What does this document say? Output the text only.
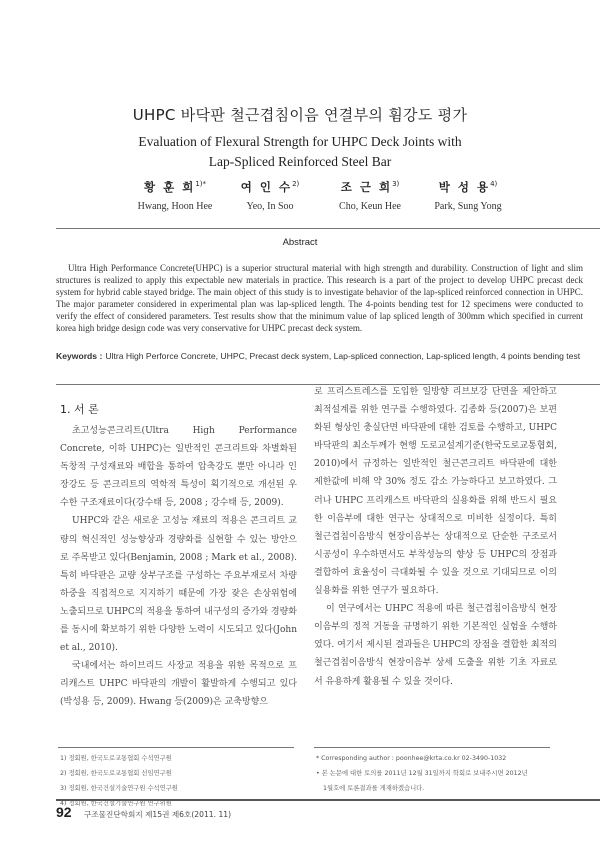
UHPC 바닥판 철근겹침이음 연결부의 휨강도 평가
Evaluation of Flexural Strength for UHPC Deck Joints with
Lap-Spliced Reinforced Steel Bar
황 훈 희$^{1)*}$
Hwang, Hoon Hee
여 인 수$^{2)}$
Yeo, In Soo
조 근 희$^{3)}$
Cho, Keun Hee
박 성 용$^{4)}$
Park, Sung Yong
Abstract
Ultra High Performance Concrete(UHPC) is a superior structural material with high strength and durability. Construction of light and slim structures is realized to apply this expectable new materials in practice. This research is a part of the project to develop UHPC precast deck system for hybrid cable stayed bridge. The main object of this study is to investigate behavior of the lap-spliced reinforced connection in UHPC. The major parameter considered in experimental plan was lap-spliced length. The 4-points bending test for 12 specimens were conducted to verify the effect of considered parameters. Test results show that the minimum value of lap spliced length of 300mm which specified in current korea high bridge design code was very conservative for UHPC precast deck system.
Keywords : Ultra High Perforce Concrete, UHPC, Precast deck system, Lap-spliced connection, Lap-spliced length, 4 points bending test
1. 서 론

초고성능콘크리트(Ultra High Performance Concrete, 이하 UHPC)는 일반적인 콘크리트와 차별화된 독창적 구성재료와 배합을 통하여 압축강도 뿐만 아니라 인장강도 등 콘크리트의 역학적 특성이 획기적으로 개선된 우수한 구조재료이다(강수태 등, 2008 ; 강수태 등, 2009).

UHPC와 같은 새로운 고성능 재료의 적용은 콘크리트 교량의 혁신적인 성능향상과 경량화를 실현할 수 있는 방안으로 주목받고 있다(Benjamin, 2008 ; Mark et al., 2008). 특히 바닥판은 교량 상부구조를 구성하는 주요부재로서 차량 하중을 직접적으로 지지하기 때문에 가장 잦은 손상위험에 노출되므로 UHPC의 적용을 통하여 내구성의 증가와 경량화를 동시에 확보하기 위한 다양한 노력이 시도되고 있다(John et al., 2010).

국내에서는 하이브리드 사장교 적용을 위한 목적으로 프리캐스트 UHPC 바닥판의 개발이 활발하게 수행되고 있다(박성용 등, 2009). Hwang 등(2009)은 교축방향으

로 프리스트레스를 도입한 일방향 리브보강 단면을 제안하고 최적설계를 위한 연구를 수행하였다. 김종화 등(2007)은 보편화된 형상인 충실단면 바닥판에 대한 검토를 수행하고, UHPC 바닥판의 최소두께가 현행 도로교설계기준(한국도로교통협회, 2010)에서 규정하는 일반적인 철근콘크리트 바닥판에 대한 제한값에 비해 약 30% 정도 감소 가능하다고 보고하였다. 그러나 UHPC 프리캐스트 바닥판의 실용화를 위해 반드시 필요한 이음부에 대한 연구는 상대적으로 미비한 실정이다. 특히 철근겹침이음방식 현장이음부는 상대적으로 단순한 구조로서 시공성이 우수하면서도 부착성능의 향상 등 UHPC의 장점과 결합하여 효율성이 극대화될 수 있을 것으로 기대되므로 이의 실용화를 위한 연구가 필요하다.

이 연구에서는 UHPC 적용에 따른 철근겹침이음방식 현장이음부의 정적 거동을 규명하기 위한 기본적인 실험을 수행하였다. 여기서 제시된 결과들은 UHPC의 장점을 결합한 최적의 철근겹침이음방식 현장이음부 상세 도출을 위한 기초 자료로서 유용하게 활용될 수 있을 것이다.

1) 정회원, 한국도로교통협회 수석연구원
2) 정회원, 한국도로교통협회 선임연구원
3) 정회원, 한국건설기술연구원 수석연구원
4) 정회원, 한국건설기술연구원 연구위원
* Corresponding author : poonhee@krta.co.kr 02-3490-1032
• 본 논문에 대한 토의를 2011년 12월 31일까지 학회로 보내주시면 2012년
1월호에 토론결과를 게재하겠습니다.
92 구조물진단학회지 제15권 제6호(2011. 11)
